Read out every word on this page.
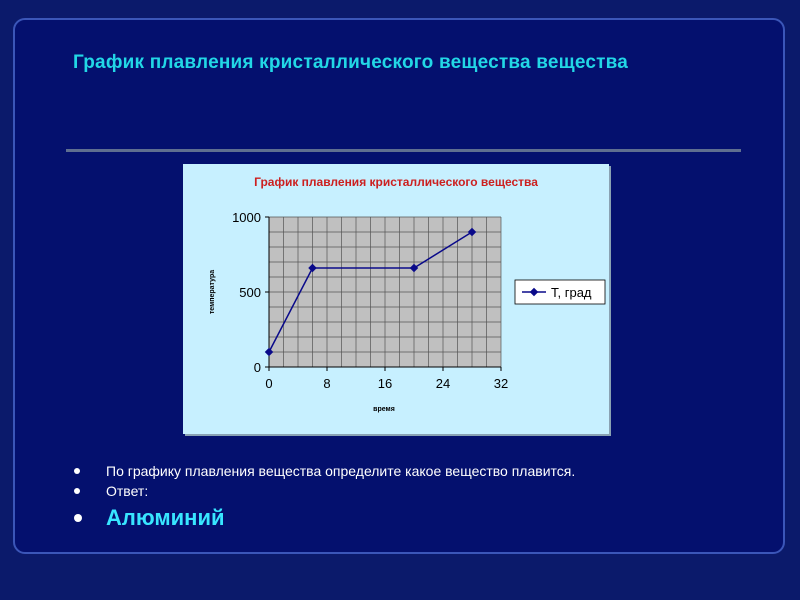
График плавления кристаллического вещества вещества
График плавления кристаллического вещества
0	8	16	24	32
0
500
1000
время
температура	Т, град
По графику плавления вещества определите какое вещество плавится.
Ответ:
Алюминий
